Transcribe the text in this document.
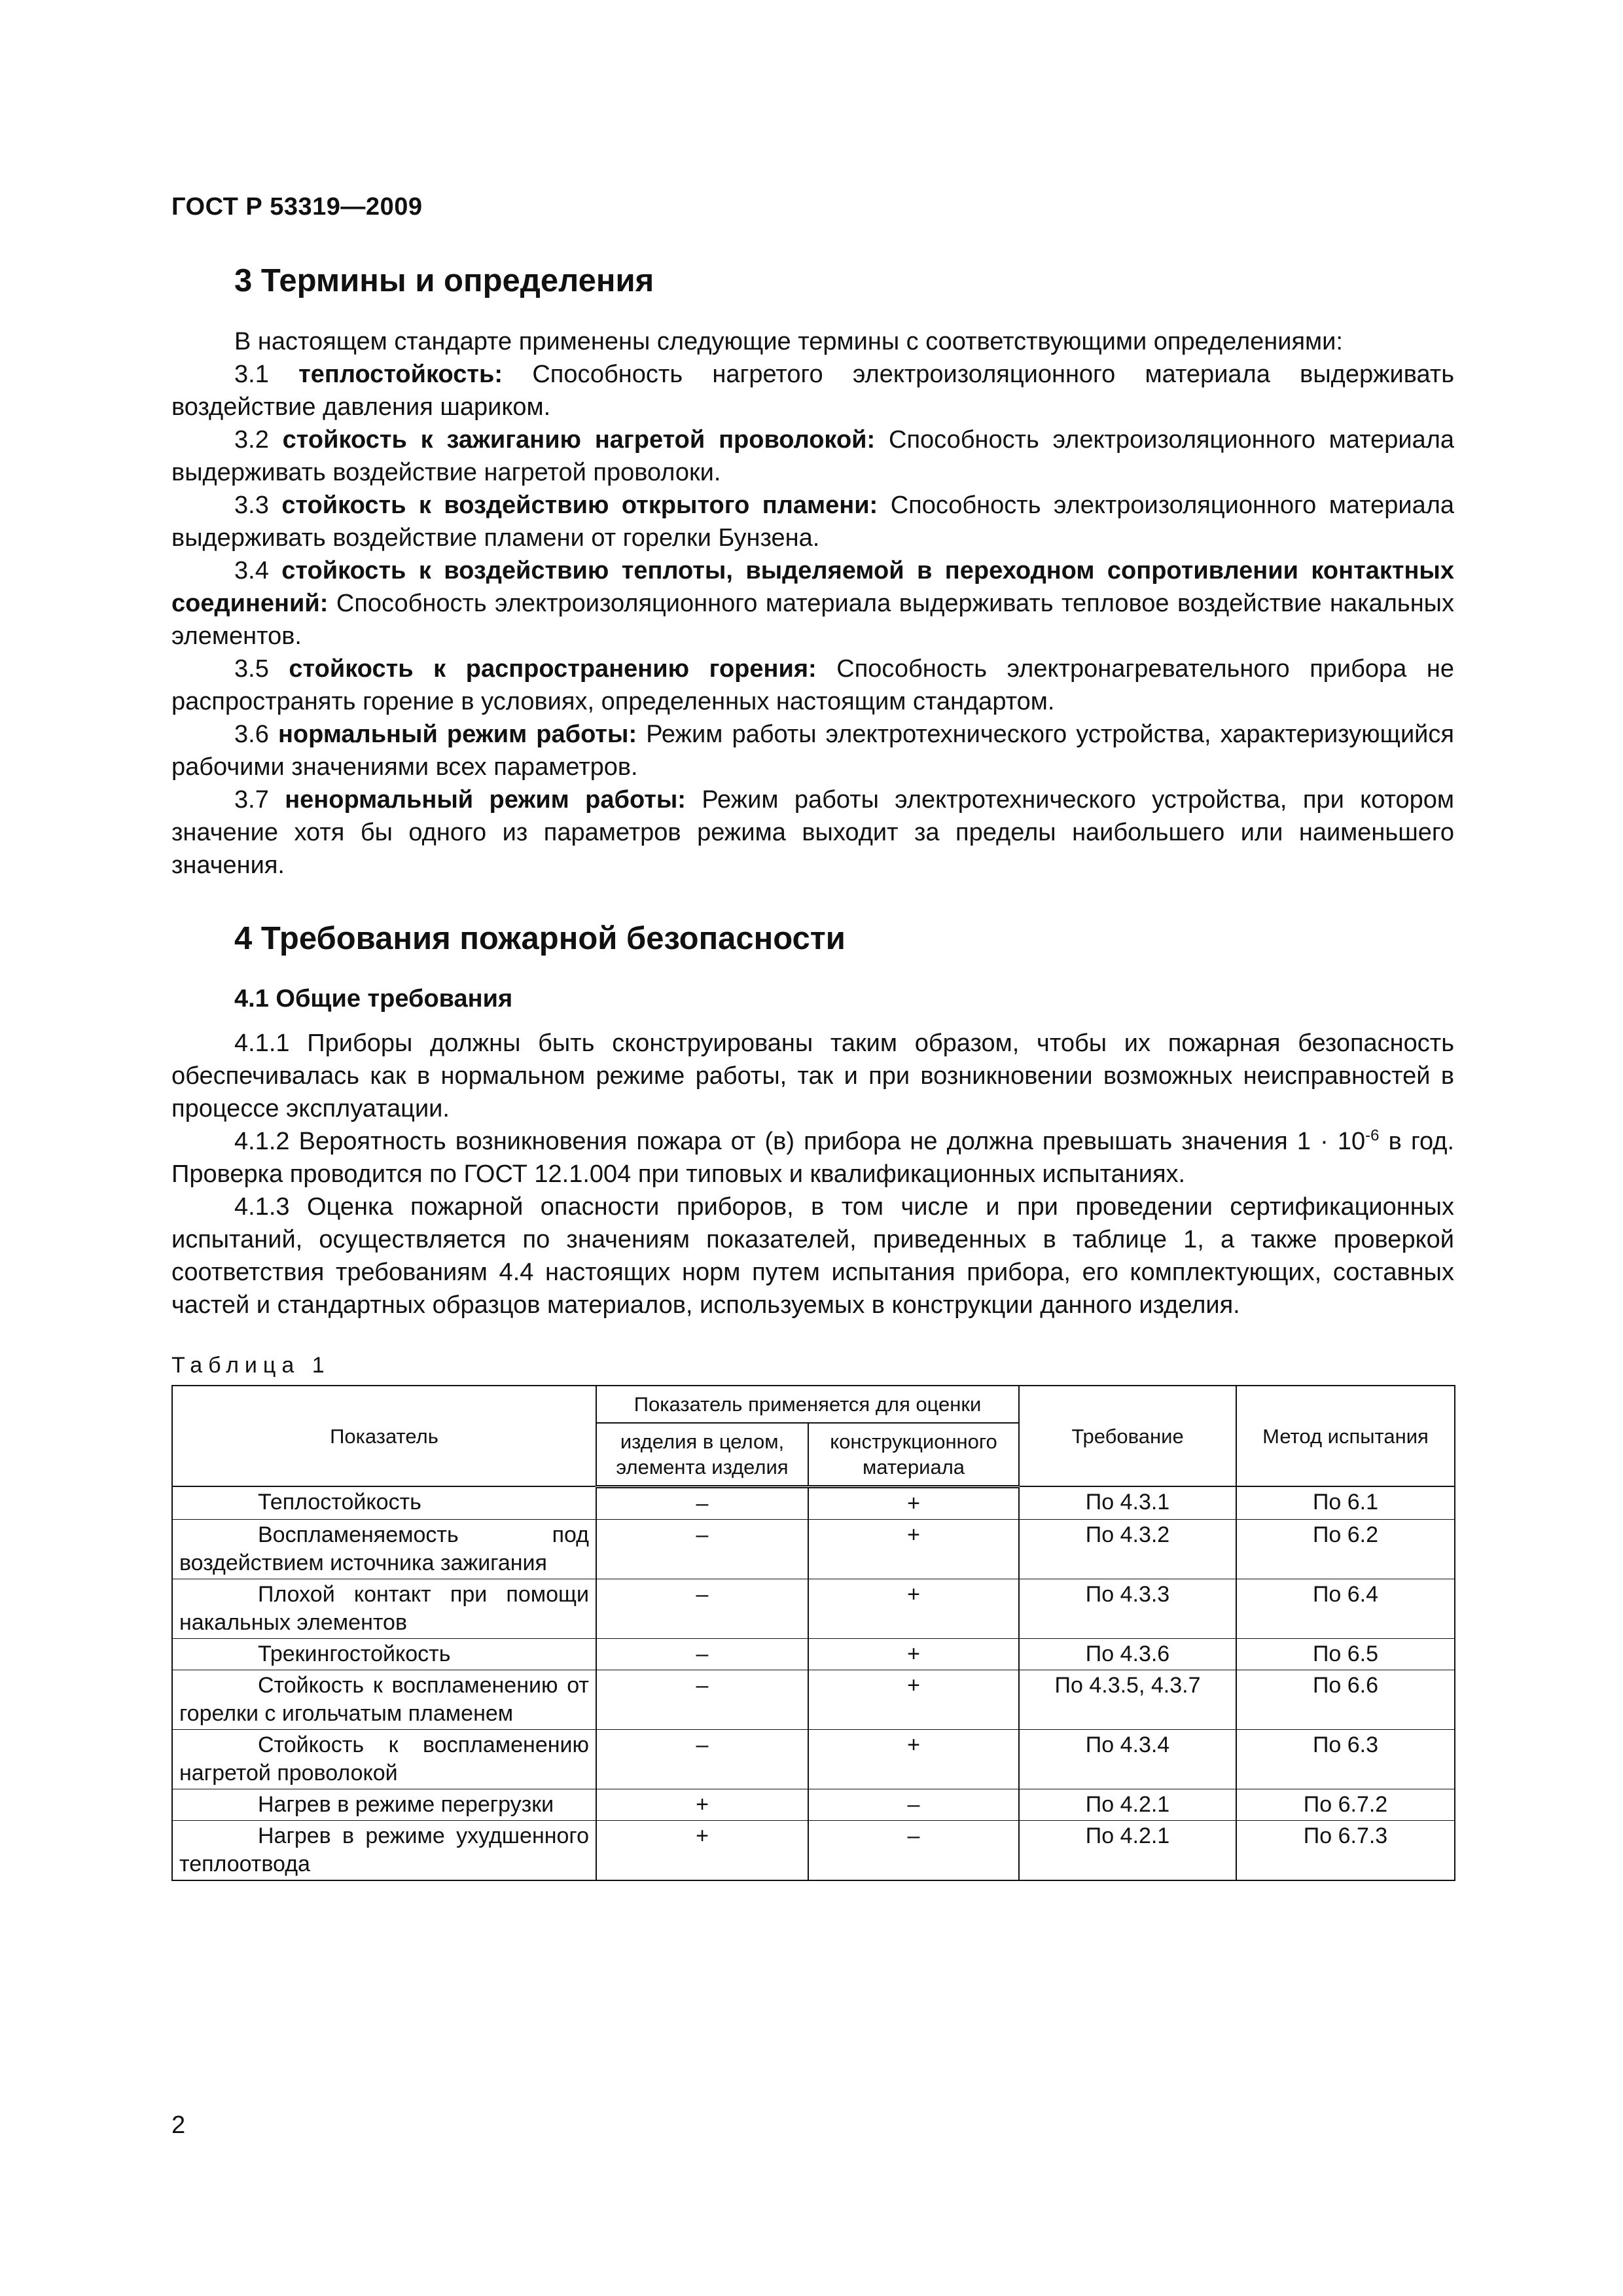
ГОСТ Р 53319—2009
3 Термины и определения

В настоящем стандарте применены следующие термины с соответствующими определениями:

3.1 теплостойкость: Способность нагретого электроизоляционного материала выдерживать воздействие давления шариком.

3.2 стойкость к зажиганию нагретой проволокой: Способность электроизоляционного материала выдерживать воздействие нагретой проволоки.

3.3 стойкость к воздействию открытого пламени: Способность электроизоляционного материала выдерживать воздействие пламени от горелки Бунзена.

3.4 стойкость к воздействию теплоты, выделяемой в переходном сопротивлении контактных соединений: Способность электроизоляционного материала выдерживать тепловое воздействие накальных элементов.

3.5 стойкость к распространению горения: Способность электронагревательного прибора не распространять горение в условиях, определенных настоящим стандартом.

3.6 нормальный режим работы: Режим работы электротехнического устройства, характеризующийся рабочими значениями всех параметров.

3.7 ненормальный режим работы: Режим работы электротехнического устройства, при котором значение хотя бы одного из параметров режима выходит за пределы наибольшего или наименьшего значения.

4 Требования пожарной безопасности
4.1 Общие требования

4.1.1 Приборы должны быть сконструированы таким образом, чтобы их пожарная безопасность обеспечивалась как в нормальном режиме работы, так и при возникновении возможных неисправностей в процессе эксплуатации.

4.1.2 Вероятность возникновения пожара от (в) прибора не должна превышать значения $1 \cdot 10^{-6}$ в год. Проверка проводится по ГОСТ 12.1.004 при типовых и квалификационных испытаниях.

4.1.3 Оценка пожарной опасности приборов, в том числе и при проведении сертификационных испытаний, осуществляется по значениям показателей, приведенных в таблице 1, а также проверкой соответствия требованиям 4.4 настоящих норм путем испытания прибора, его комплектующих, составных частей и стандартных образцов материалов, используемых в конструкции данного изделия.

Таблица 1
Показатель	Показатель применяется для оценки		Требование	Метод испытания
	изделия в целом, элемента изделия	конструкционного материала		
Теплостойкость	–	+	По 4.3.1	По 6.1
Воспламеняемость под воздействием источника зажигания	–	+	По 4.3.2	По 6.2
Плохой контакт при помощи накальных элементов	–	+	По 4.3.3	По 6.4
Трекингостойкость	–	+	По 4.3.6	По 6.5
Стойкость к воспламенению от горелки с игольчатым пламенем	–	+	По 4.3.5, 4.3.7	По 6.6
Стойкость к воспламенению нагретой проволокой	–	+	По 4.3.4	По 6.3
Нагрев в режиме перегрузки	+	–	По 4.2.1	По 6.7.2
Нагрев в режиме ухудшенного теплоотвода	+	–	По 4.2.1	По 6.7.3
2
